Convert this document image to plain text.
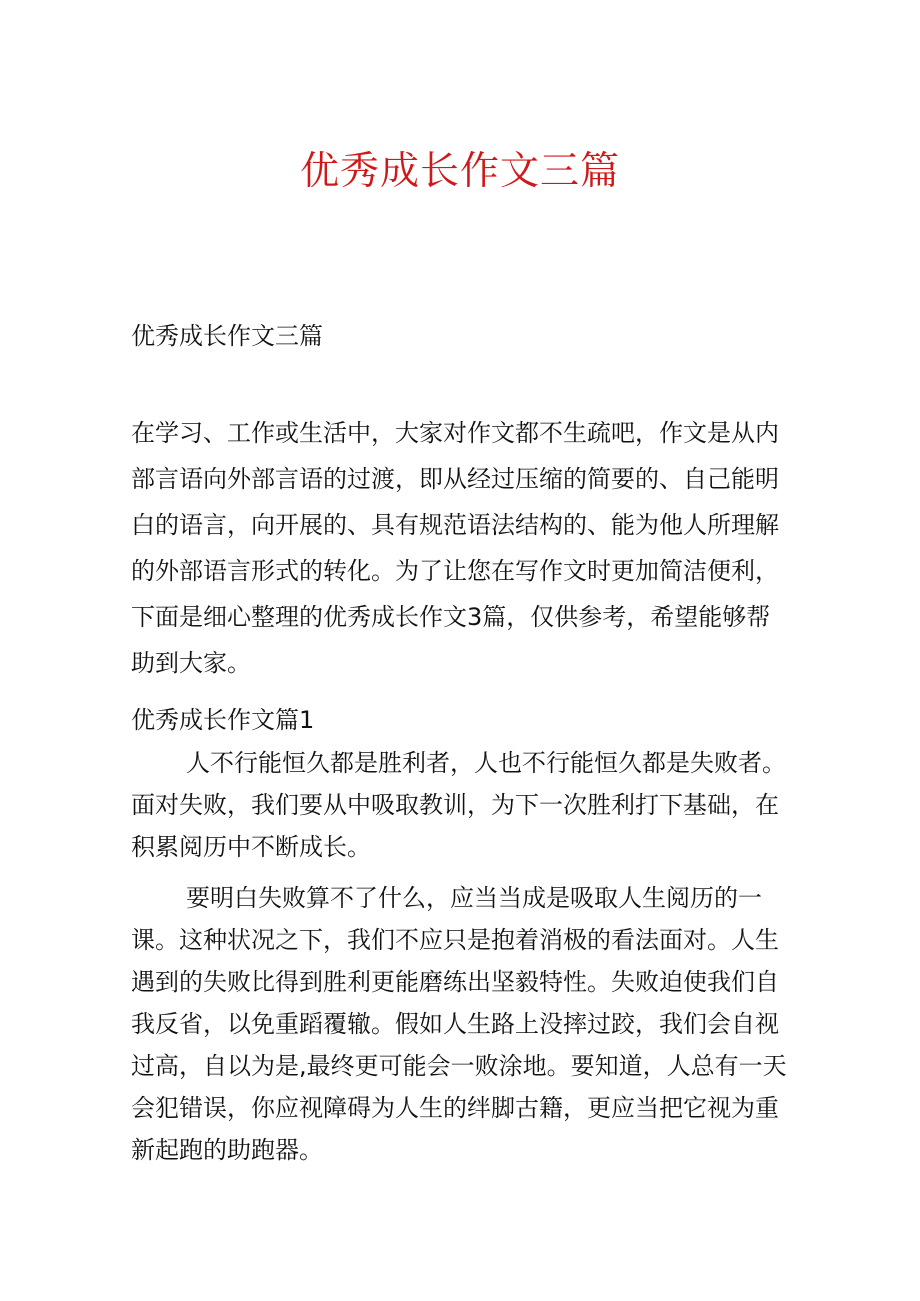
优秀成长作文三篇
优秀成长作文三篇
在学习、工作或生活中，大家对作文都不生疏吧，作文是从内部言语向外部言语的过渡，即从经过压缩的简要的、自己能明白的语言，向开展的、具有规范语法结构的、能为他人所理解的外部语言形式的转化。为了让您在写作文时更加简洁便利，下面是细心整理的优秀成长作文3篇，仅供参考，希望能够帮助到大家。
优秀成长作文篇1

人不行能恒久都是胜利者，人也不行能恒久都是失败者。面对失败，我们要从中吸取教训，为下一次胜利打下基础，在积累阅历中不断成长。

要明白失败算不了什么，应当当成是吸取人生阅历的一课。这种状况之下，我们不应只是抱着消极的看法面对。人生遇到的失败比得到胜利更能磨练出坚毅特性。失败迫使我们自我反省，以免重蹈覆辙。假如人生路上没摔过跤，我们会自视过高，自以为是,最终更可能会一败涂地。要知道，人总有一天会犯错误，你应视障碍为人生的绊脚古籍，更应当把它视为重新起跑的助跑器。
